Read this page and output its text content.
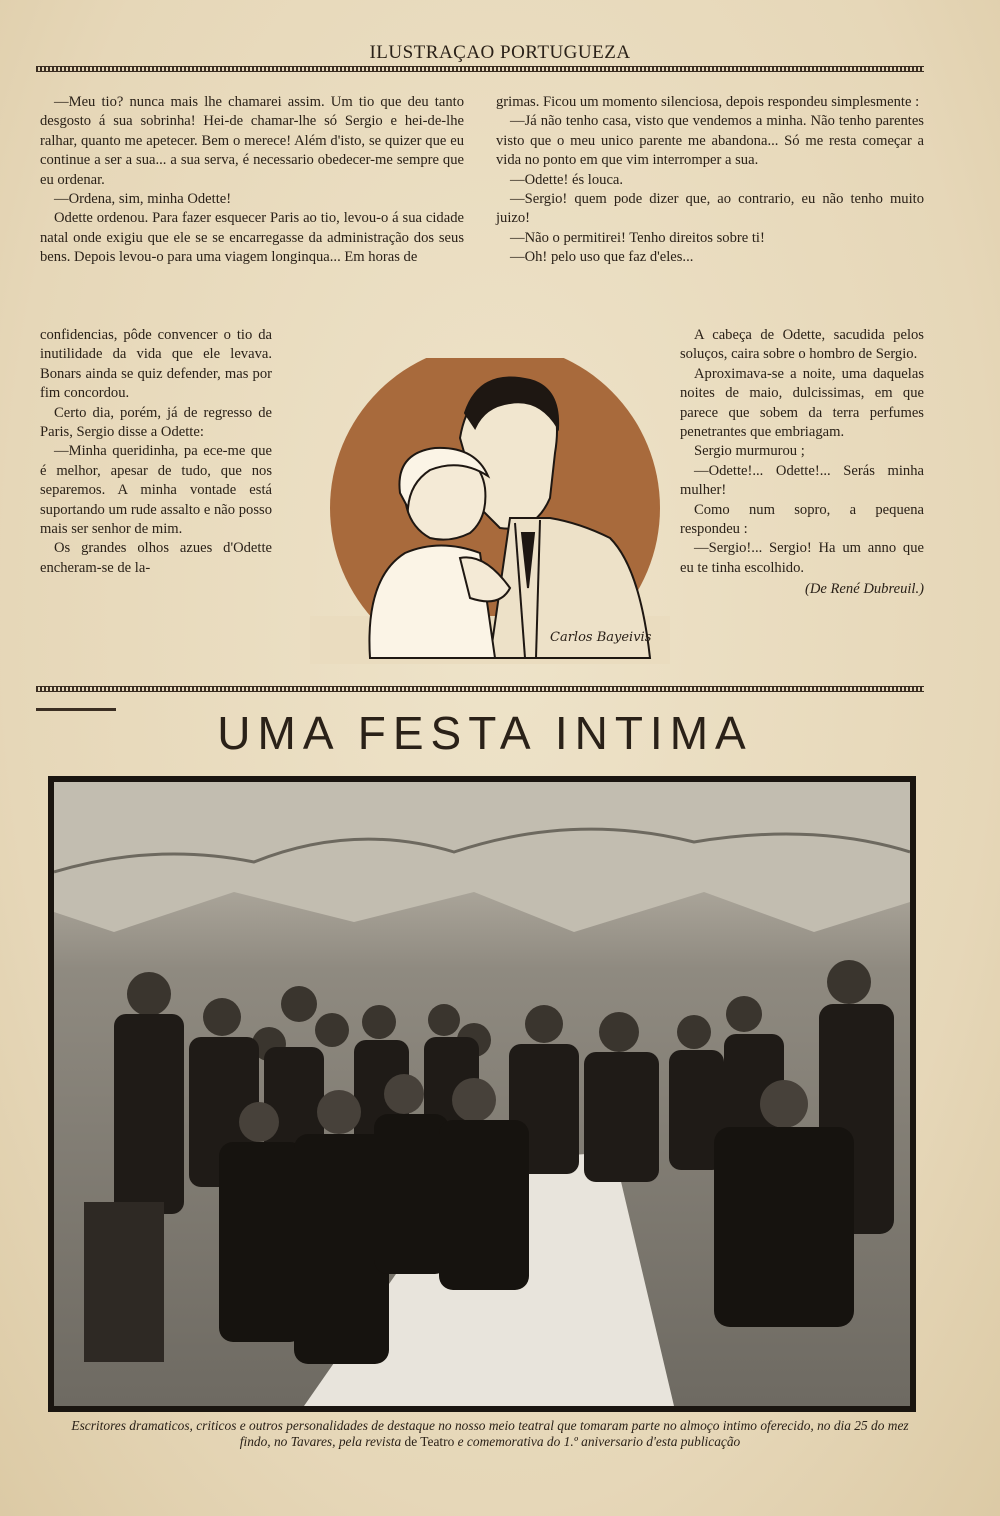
ILUSTRAÇAO PORTUGUEZA

—Meu tio? nunca mais lhe chamarei assim. Um tio que deu tanto desgosto á sua sobrinha! Hei-de chamar-lhe só Sergio e hei-de-lhe ralhar, quanto me apetecer. Bem o merece! Além d'isto, se quizer que eu continue a ser a sua... a sua serva, é necessario obedecer-me sempre que eu ordenar.

—Ordena, sim, minha Odette!

Odette ordenou. Para fazer esquecer Paris ao tio, levou-o á sua cidade natal onde exigiu que ele se se encarregasse da administração dos seus bens. Depois levou-o para uma viagem longinqua... Em horas de

confidencias, pôde convencer o tio da inutilidade da vida que ele levava. Bonars ainda se quiz defender, mas por fim concordou.

Certo dia, porém, já de regresso de Paris, Sergio disse a Odette:

—Minha queridinha, pa ece-me que é melhor, apesar de tudo, que nos separemos. A minha vontade está suportando um rude assalto e não posso mais ser senhor de mim.

Os grandes olhos azues d'Odette encheram-se de la-

grimas. Ficou um momento silenciosa, depois respondeu simplesmente :

—Já não tenho casa, visto que vendemos a minha. Não tenho parentes visto que o meu unico parente me abandona... Só me resta começar a vida no ponto em que vim interromper a sua.

—Odette! és louca.

—Sergio! quem pode dizer que, ao contrario, eu não tenho muito juizo!

—Não o permitirei! Tenho direitos sobre ti!

—Oh! pelo uso que faz d'eles...

A cabeça de Odette, sacudida pelos soluços, caira sobre o hombro de Sergio.

Aproximava-se a noite, uma daquelas noites de maio, dulcissimas, em que parece que sobem da terra perfumes penetrantes que embriagam.

Sergio murmurou ;

—Odette!... Odette!... Serás minha mulher!

Como num sopro, a pequena respondeu :

—Sergio!... Sergio! Ha um anno que eu te tinha escolhido.

(De René Dubreuil.)
Carlos Bayeivis
UMA FESTA INTIMA
Escritores dramaticos, criticos e outros personalidades de destaque no nosso meio teatral que tomaram parte no almoço intimo oferecido, no dia 25 do mez findo, no Tavares, pela revista de Teatro e comemorativa do 1.º aniversario d'esta publicação
